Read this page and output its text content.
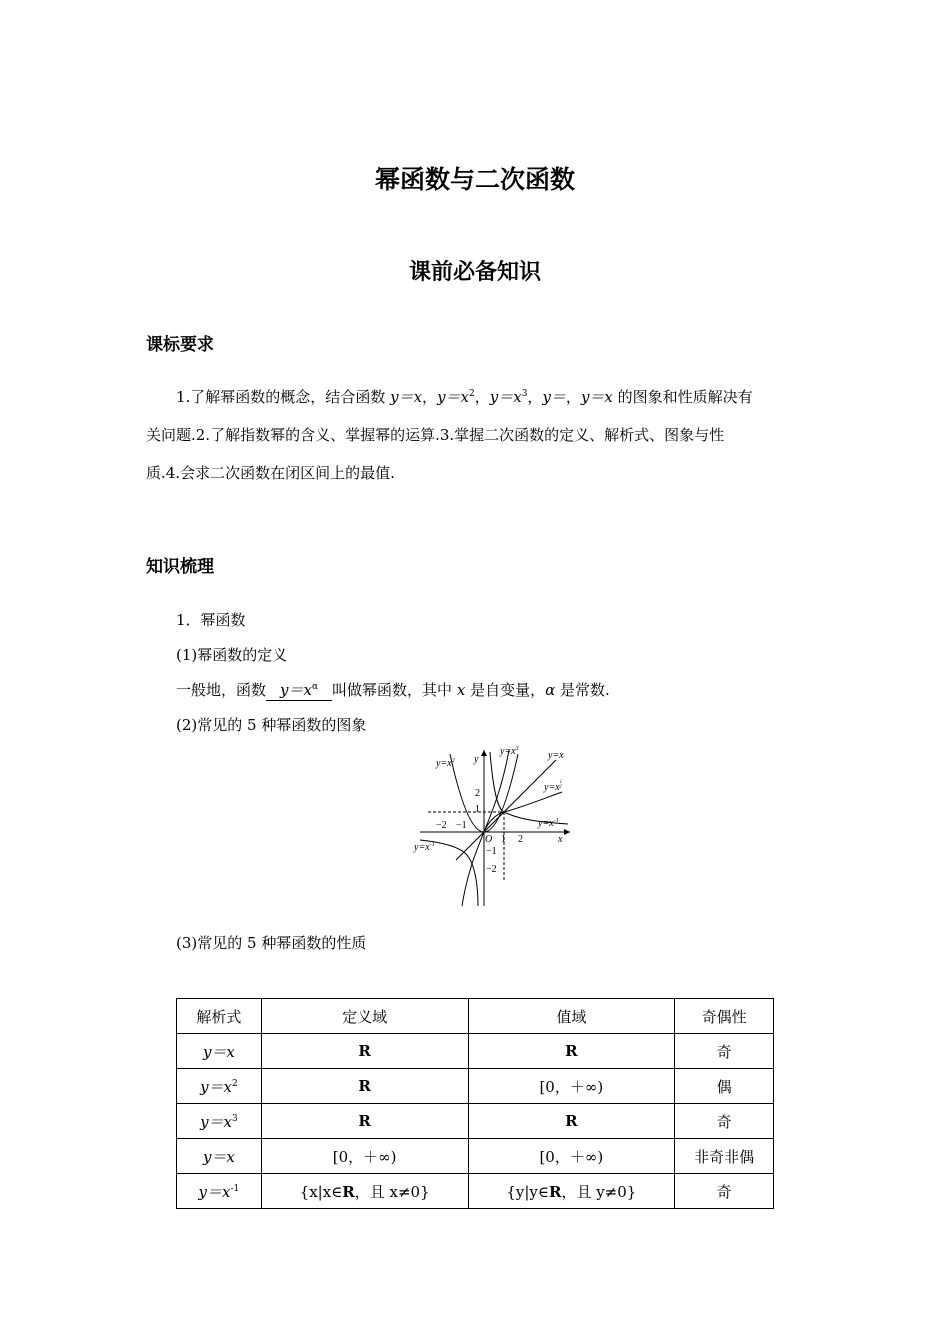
幂函数与二次函数
课前必备知识
课标要求
1.了解幂函数的概念，结合函数 y＝x，$y=x^2$，$y=x^3$，y＝，y＝x 的图象和性质解决有
关问题.2.了解指数幂的含义、掌握幂的运算.3.掌握二次函数的定义、解析式、图象与性
质.4.会求二次函数在闭区间上的最值.
知识梳理
1．幂函数
(1)幂函数的定义
一般地，函数 $y=x^\alpha$ 叫做幂函数，其中 x 是自变量，α 是常数.
(2)常见的 5 种幂函数的图象
$y=x^2$
$y=x^3$
y=x
$y=x^1$ 2
$y=x^{-1}$
$y=x^{-1}$
y
x
O
−2 −1
1 2
2
1
−1
−2
(3)常见的 5 种幂函数的性质
解析式	定义域	值域	奇偶性
y＝x	R	R	奇
$y=x^2$	R	[0，＋∞)	偶
$y=x^3$	R	R	奇
y＝x	[0，＋∞)	[0，＋∞)	非奇非偶
$y=x^{-1}$	{x|x∈R，且 x≠0}	{y|y∈R，且 y≠0}	奇
